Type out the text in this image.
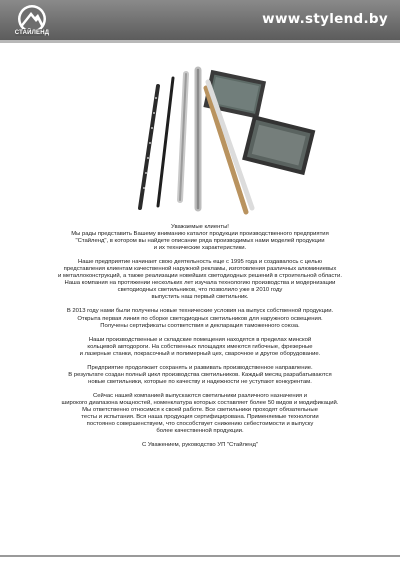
СТАЙЛЕНД
www.stylend.by

Уважаемые клиенты!
Мы рады представить Вашему вниманию каталог продукции производственного предприятия
"Стайленд", в котором вы найдете описание ряда производимых нами моделей продукции
и их технические характеристики.

Наше предприятие начинает свою деятельность еще с 1995 года и создавалось с целью
представления клиентам качественной наружной рекламы, изготовления различных алюминиевых
и металлоконструкций, а также реализации новейших светодиодных решений в строительной области.
Наша компания на протяжении нескольких лет изучала технологию производства и модернизации
светодиодных светильников, что позволило уже в 2010 году
выпустить наш первый светильник.

В 2013 году нами были получены новые технические условия на выпуск собственной продукции.
Открыта первая линия по сборке светодиодных светильников для наружного освещения.
Получены сертификаты соответствия и декларация таможенного союза.

Наши производственные и складские помещения находятся в пределах минской
кольцевой автодороги. На собственных площадях имеются гибочные, фрезерные
и лазерные станки, покрасочный и полимерный цех, сварочное и другое оборудование.

Предприятие продолжает сохранять и развивать производственное направление.
В результате создан полный цикл производства светильников. Каждый месяц разрабатываются
новые светильники, которые по качеству и надежности не уступают конкурентам.

Сейчас нашей компанией выпускаются светильники различного назначения и
широкого диапазона мощностей, номенклатура которых составляет более 50 видов и модификаций.
Мы ответственно относимся к своей работе. Все светильники проходят обязательные
тесты и испытания. Вся наша продукция сертифицирована. Применяемые технологии
постоянно совершенствуем, что способствует снижению себестоимости и выпуску
более качественной продукции.

С Уважением, руководство УП "Стайленд"
